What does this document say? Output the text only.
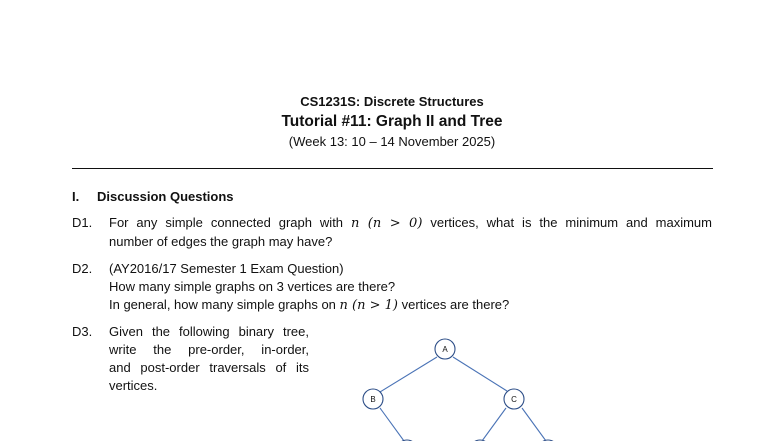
CS1231S: Discrete Structures
Tutorial #11: Graph II and Tree
(Week 13: 10 – 14 November 2025)
I. Discussion Questions
D1.	For any simple connected graph with n (n > 0) vertices, what is the minimum and maximum
number of edges the graph may have?
D2.	(AY2016/17 Semester 1 Exam Question)
How many simple graphs on 3 vertices are there?
In general, how many simple graphs on n (n > 1) vertices are there?
D3.	Given the following binary tree,
write the pre-order, in-order,
and post-order traversals of its
vertices.
A
B	C
